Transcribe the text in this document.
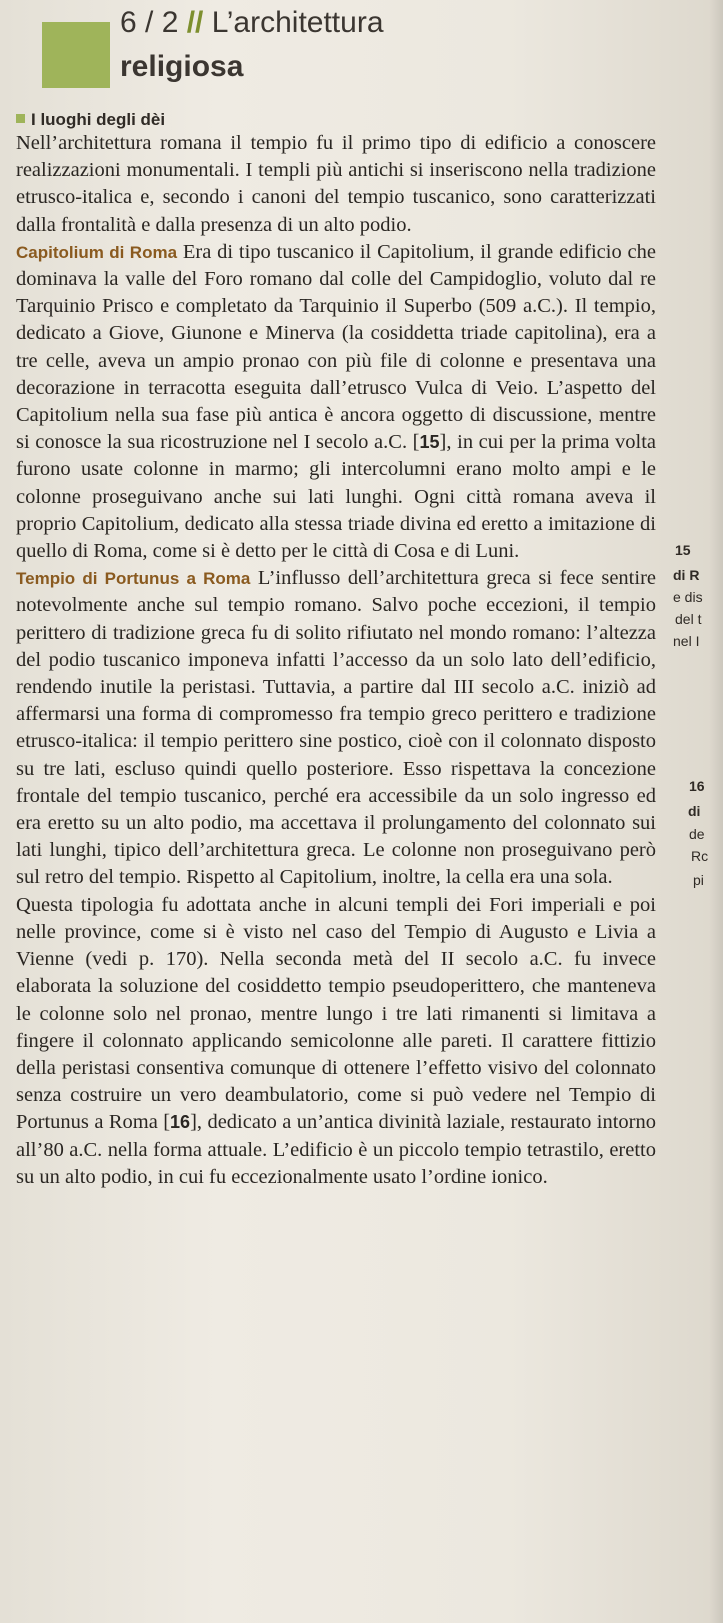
6 / 2 // L’architettura
religiosa
I luoghi degli dèi

Nell’architettura romana il tempio fu il primo tipo di edificio a conoscere realizzazioni monumentali. I templi più antichi si inseriscono nella tradizione etrusco-italica e, secondo i canoni del tempio tuscanico, sono caratterizzati dalla frontalità e dalla presenza di un alto podio.

Capitolium di Roma Era di tipo tuscanico il Capitolium, il grande edificio che dominava la valle del Foro romano dal colle del Campidoglio, voluto dal re Tarquinio Prisco e completato da Tarquinio il Superbo (509 a.C.). Il tempio, dedicato a Giove, Giunone e Minerva (la cosiddetta triade capitolina), era a tre celle, aveva un ampio pronao con più file di colonne e presentava una decorazione in terracotta eseguita dall’etrusco Vulca di Veio. L’aspetto del Capitolium nella sua fase più antica è ancora oggetto di discussione, mentre si conosce la sua ricostruzione nel I secolo a.C. [15], in cui per la prima volta furono usate colonne in marmo; gli intercolumni erano molto ampi e le colonne proseguivano anche sui lati lunghi. Ogni città romana aveva il proprio Capitolium, dedicato alla stessa triade divina ed eretto a imitazione di quello di Roma, come si è detto per le città di Cosa e di Luni.

Tempio di Portunus a Roma L’influsso dell’architettura greca si fece sentire notevolmente anche sul tempio romano. Salvo poche eccezioni, il tempio perittero di tradizione greca fu di solito rifiutato nel mondo romano: l’altezza del podio tuscanico imponeva infatti l’accesso da un solo lato dell’edificio, rendendo inutile la peristasi. Tuttavia, a partire dal III secolo a.C. iniziò ad affermarsi una forma di compromesso fra tempio greco perittero e tradizione etrusco-italica: il tempio perittero sine postico, cioè con il colonnato disposto su tre lati, escluso quindi quello posteriore. Esso rispettava la concezione frontale del tempio tuscanico, perché era accessibile da un solo ingresso ed era eretto su un alto podio, ma accettava il prolungamento del colonnato sui lati lunghi, tipico dell’architettura greca. Le colonne non proseguivano però sul retro del tempio. Rispetto al Capitolium, inoltre, la cella era una sola.

Questa tipologia fu adottata anche in alcuni templi dei Fori imperiali e poi nelle province, come si è visto nel caso del Tempio di Augusto e Livia a Vienne (vedi p. 170). Nella seconda metà del II secolo a.C. fu invece elaborata la soluzione del cosiddetto tempio pseudoperittero, che manteneva le colonne solo nel pronao, mentre lungo i tre lati rimanenti si limitava a fingere il colonnato applicando semicolonne alle pareti. Il carattere fittizio della peristasi consentiva comunque di ottenere l’effetto visivo del colonnato senza costruire un vero deambulatorio, come si può vedere nel Tempio di Portunus a Roma [16], dedicato a un’antica divinità laziale, restaurato intorno all’80 a.C. nella forma attuale. L’edificio è un piccolo tempio tetrastilo, eretto su un alto podio, in cui fu eccezionalmente usato l’ordine ionico.

15
di R
e dis
del t
nel I
16
di
de
Rc
pi
